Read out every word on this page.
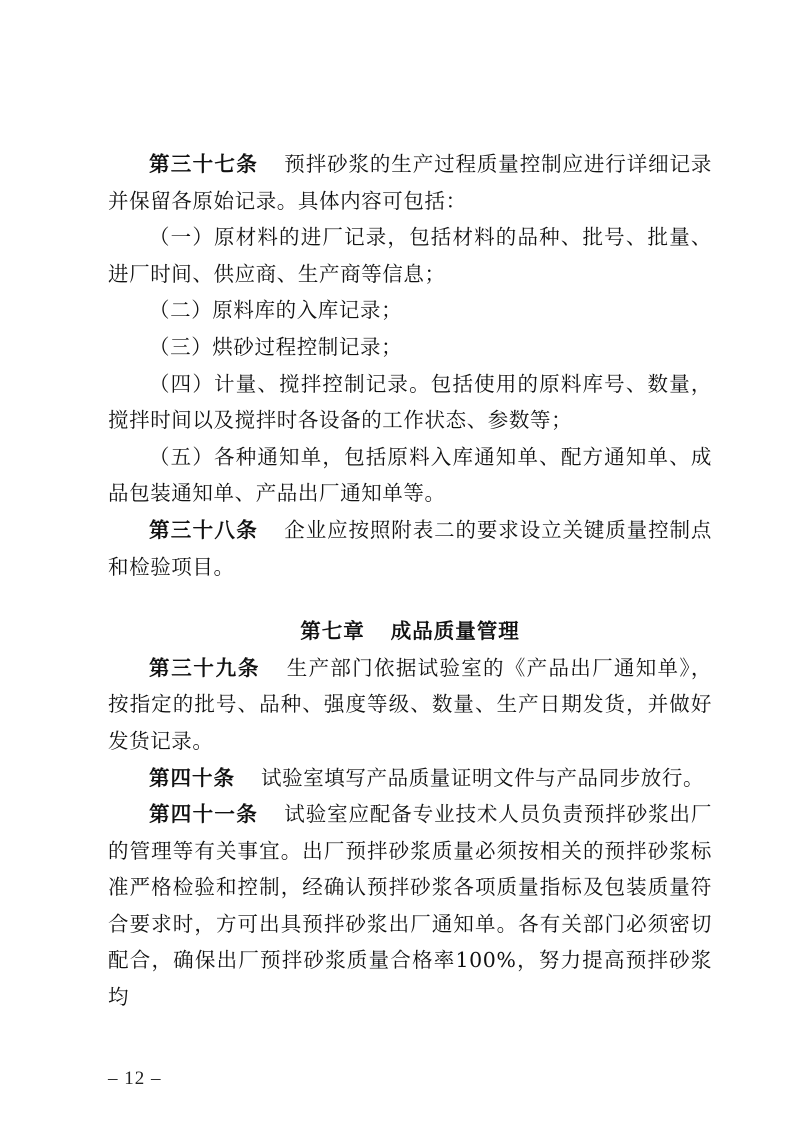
第三十七条 预拌砂浆的生产过程质量控制应进行详细记录并保留各原始记录。具体内容可包括：

（一）原材料的进厂记录，包括材料的品种、批号、批量、进厂时间、供应商、生产商等信息；

（二）原料库的入库记录；

（三）烘砂过程控制记录；

（四）计量、搅拌控制记录。包括使用的原料库号、数量，搅拌时间以及搅拌时各设备的工作状态、参数等；

（五）各种通知单，包括原料入库通知单、配方通知单、成品包装通知单、产品出厂通知单等。

第三十八条 企业应按照附表二的要求设立关键质量控制点和检验项目。

第七章 成品质量管理

第三十九条 生产部门依据试验室的《产品出厂通知单》，按指定的批号、品种、强度等级、数量、生产日期发货，并做好发货记录。

第四十条 试验室填写产品质量证明文件与产品同步放行。

第四十一条 试验室应配备专业技术人员负责预拌砂浆出厂的管理等有关事宜。出厂预拌砂浆质量必须按相关的预拌砂浆标准严格检验和控制，经确认预拌砂浆各项质量指标及包装质量符合要求时，方可出具预拌砂浆出厂通知单。各有关部门必须密切配合，确保出厂预拌砂浆质量合格率100%，努力提高预拌砂浆均

– 12 –
